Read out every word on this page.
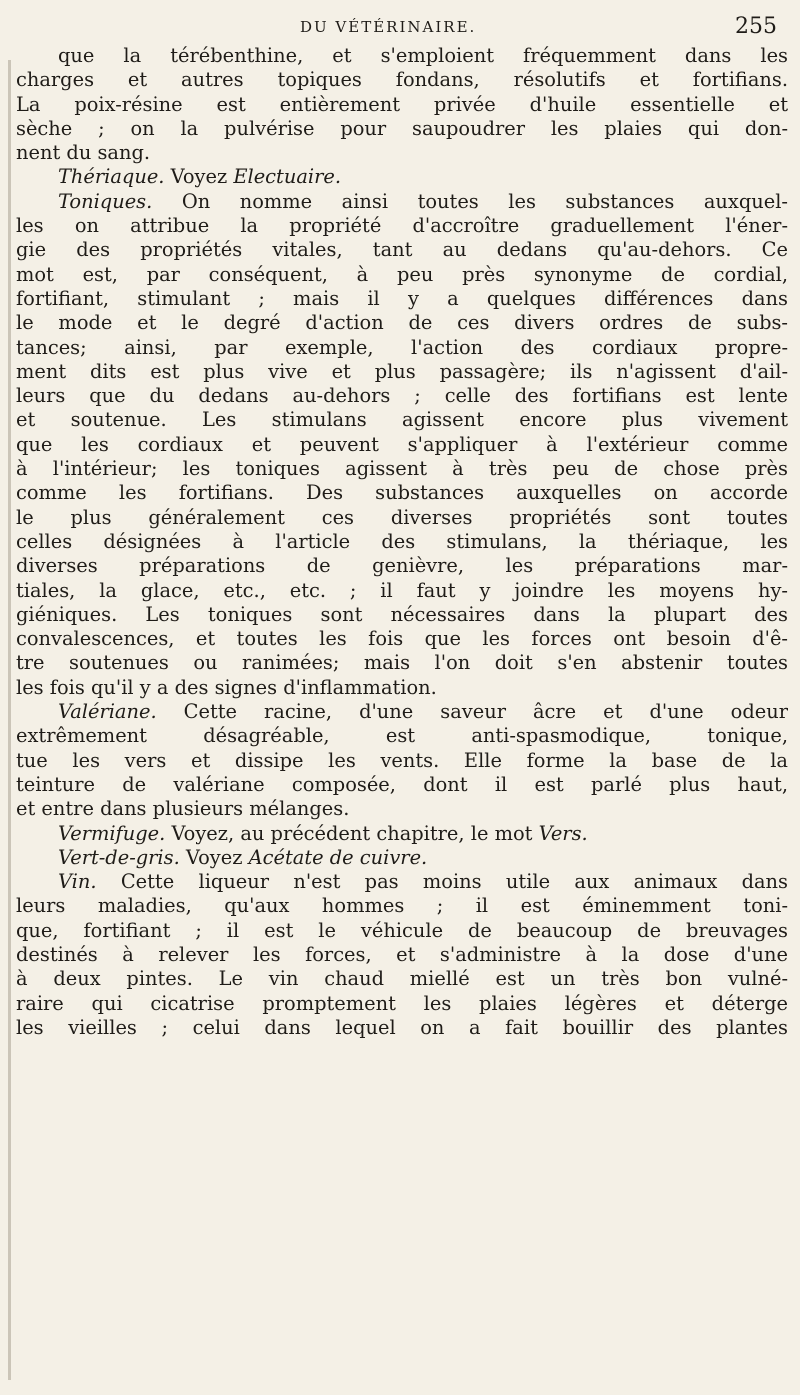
DU VÉTÉRINAIRE.	255
que la térébenthine, et s'emploient fréquemment dans les
charges et autres topiques fondans, résolutifs et fortifians.
La poix-résine est entièrement privée d'huile essentielle et
sèche ; on la pulvérise pour saupoudrer les plaies qui don-
nent du sang.
Thériaque. Voyez Electuaire.
Toniques. On nomme ainsi toutes les substances auxquel-
les on attribue la propriété d'accroître graduellement l'éner-
gie des propriétés vitales, tant au dedans qu'au-dehors. Ce
mot est, par conséquent, à peu près synonyme de cordial,
fortifiant, stimulant ; mais il y a quelques différences dans
le mode et le degré d'action de ces divers ordres de subs-
tances; ainsi, par exemple, l'action des cordiaux propre-
ment dits est plus vive et plus passagère; ils n'agissent d'ail-
leurs que du dedans au-dehors ; celle des fortifians est lente
et soutenue. Les stimulans agissent encore plus vivement
que les cordiaux et peuvent s'appliquer à l'extérieur comme
à l'intérieur; les toniques agissent à très peu de chose près
comme les fortifians. Des substances auxquelles on accorde
le plus généralement ces diverses propriétés sont toutes
celles désignées à l'article des stimulans, la thériaque, les
diverses préparations de genièvre, les préparations mar-
tiales, la glace, etc., etc. ; il faut y joindre les moyens hy-
giéniques. Les toniques sont nécessaires dans la plupart des
convalescences, et toutes les fois que les forces ont besoin d'ê-
tre soutenues ou ranimées; mais l'on doit s'en abstenir toutes
les fois qu'il y a des signes d'inflammation.
Valériane. Cette racine, d'une saveur âcre et d'une odeur
extrêmement désagréable, est anti-spasmodique, tonique,
tue les vers et dissipe les vents. Elle forme la base de la
teinture de valériane composée, dont il est parlé plus haut,
et entre dans plusieurs mélanges.
Vermifuge. Voyez, au précédent chapitre, le mot Vers.
Vert-de-gris. Voyez Acétate de cuivre.
Vin. Cette liqueur n'est pas moins utile aux animaux dans
leurs maladies, qu'aux hommes ; il est éminemment toni-
que, fortifiant ; il est le véhicule de beaucoup de breuvages
destinés à relever les forces, et s'administre à la dose d'une
à deux pintes. Le vin chaud miellé est un très bon vulné-
raire qui cicatrise promptement les plaies légères et déterge
les vieilles ; celui dans lequel on a fait bouillir des plantes
